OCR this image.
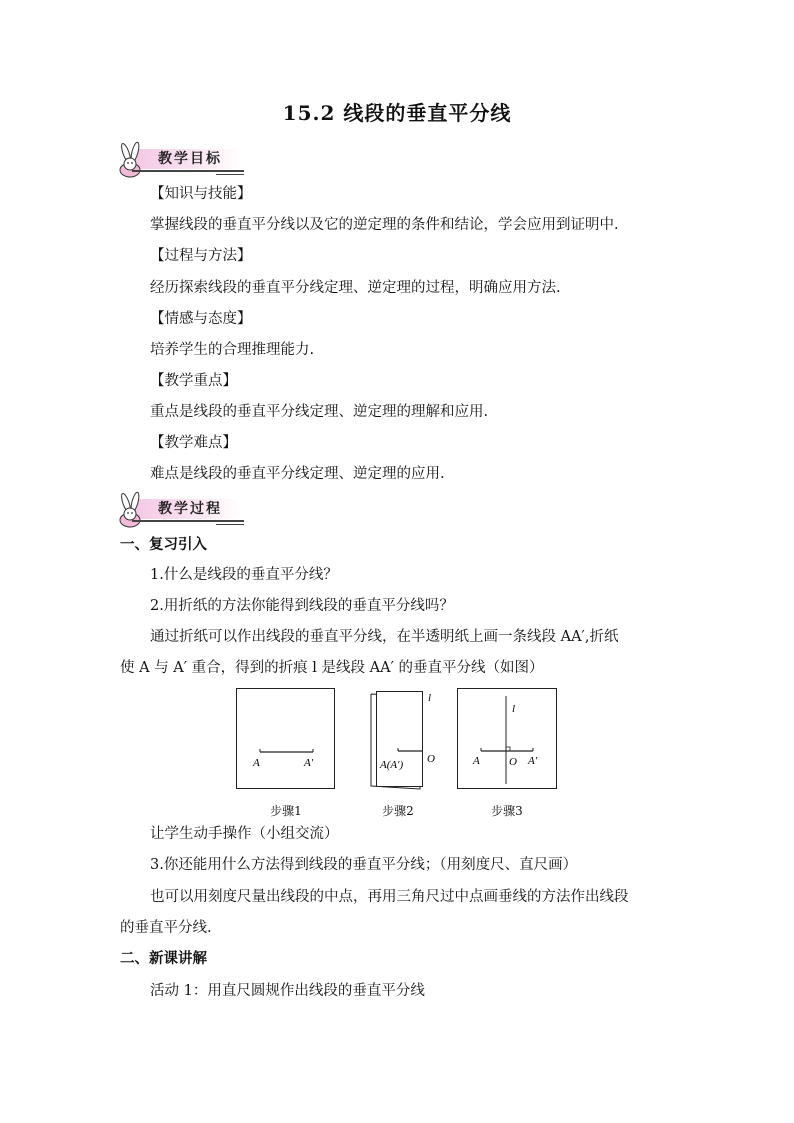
15.2 线段的垂直平分线
教学目标
【知识与技能】
掌握线段的垂直平分线以及它的逆定理的条件和结论，学会应用到证明中.
【过程与方法】
经历探索线段的垂直平分线定理、逆定理的过程，明确应用方法.
【情感与态度】
培养学生的合理推理能力.
【教学重点】
重点是线段的垂直平分线定理、逆定理的理解和应用.
【教学难点】
难点是线段的垂直平分线定理、逆定理的应用.
教学过程
一、复习引入
1.什么是线段的垂直平分线？
2.用折纸的方法你能得到线段的垂直平分线吗？
通过折纸可以作出线段的垂直平分线，在半透明纸上画一条线段 AA′,折纸
使 A 与 A′ 重合，得到的折痕 l 是线段 AA′ 的垂直平分线（如图）
A	A′
l
O
A(A′)
l
A	O A′
步骤1	步骤2	步骤3
让学生动手操作（小组交流）
3.你还能用什么方法得到线段的垂直平分线；（用刻度尺、直尺画）
也可以用刻度尺量出线段的中点，再用三角尺过中点画垂线的方法作出线段
的垂直平分线.
二、新课讲解
活动 1：用直尺圆规作出线段的垂直平分线
